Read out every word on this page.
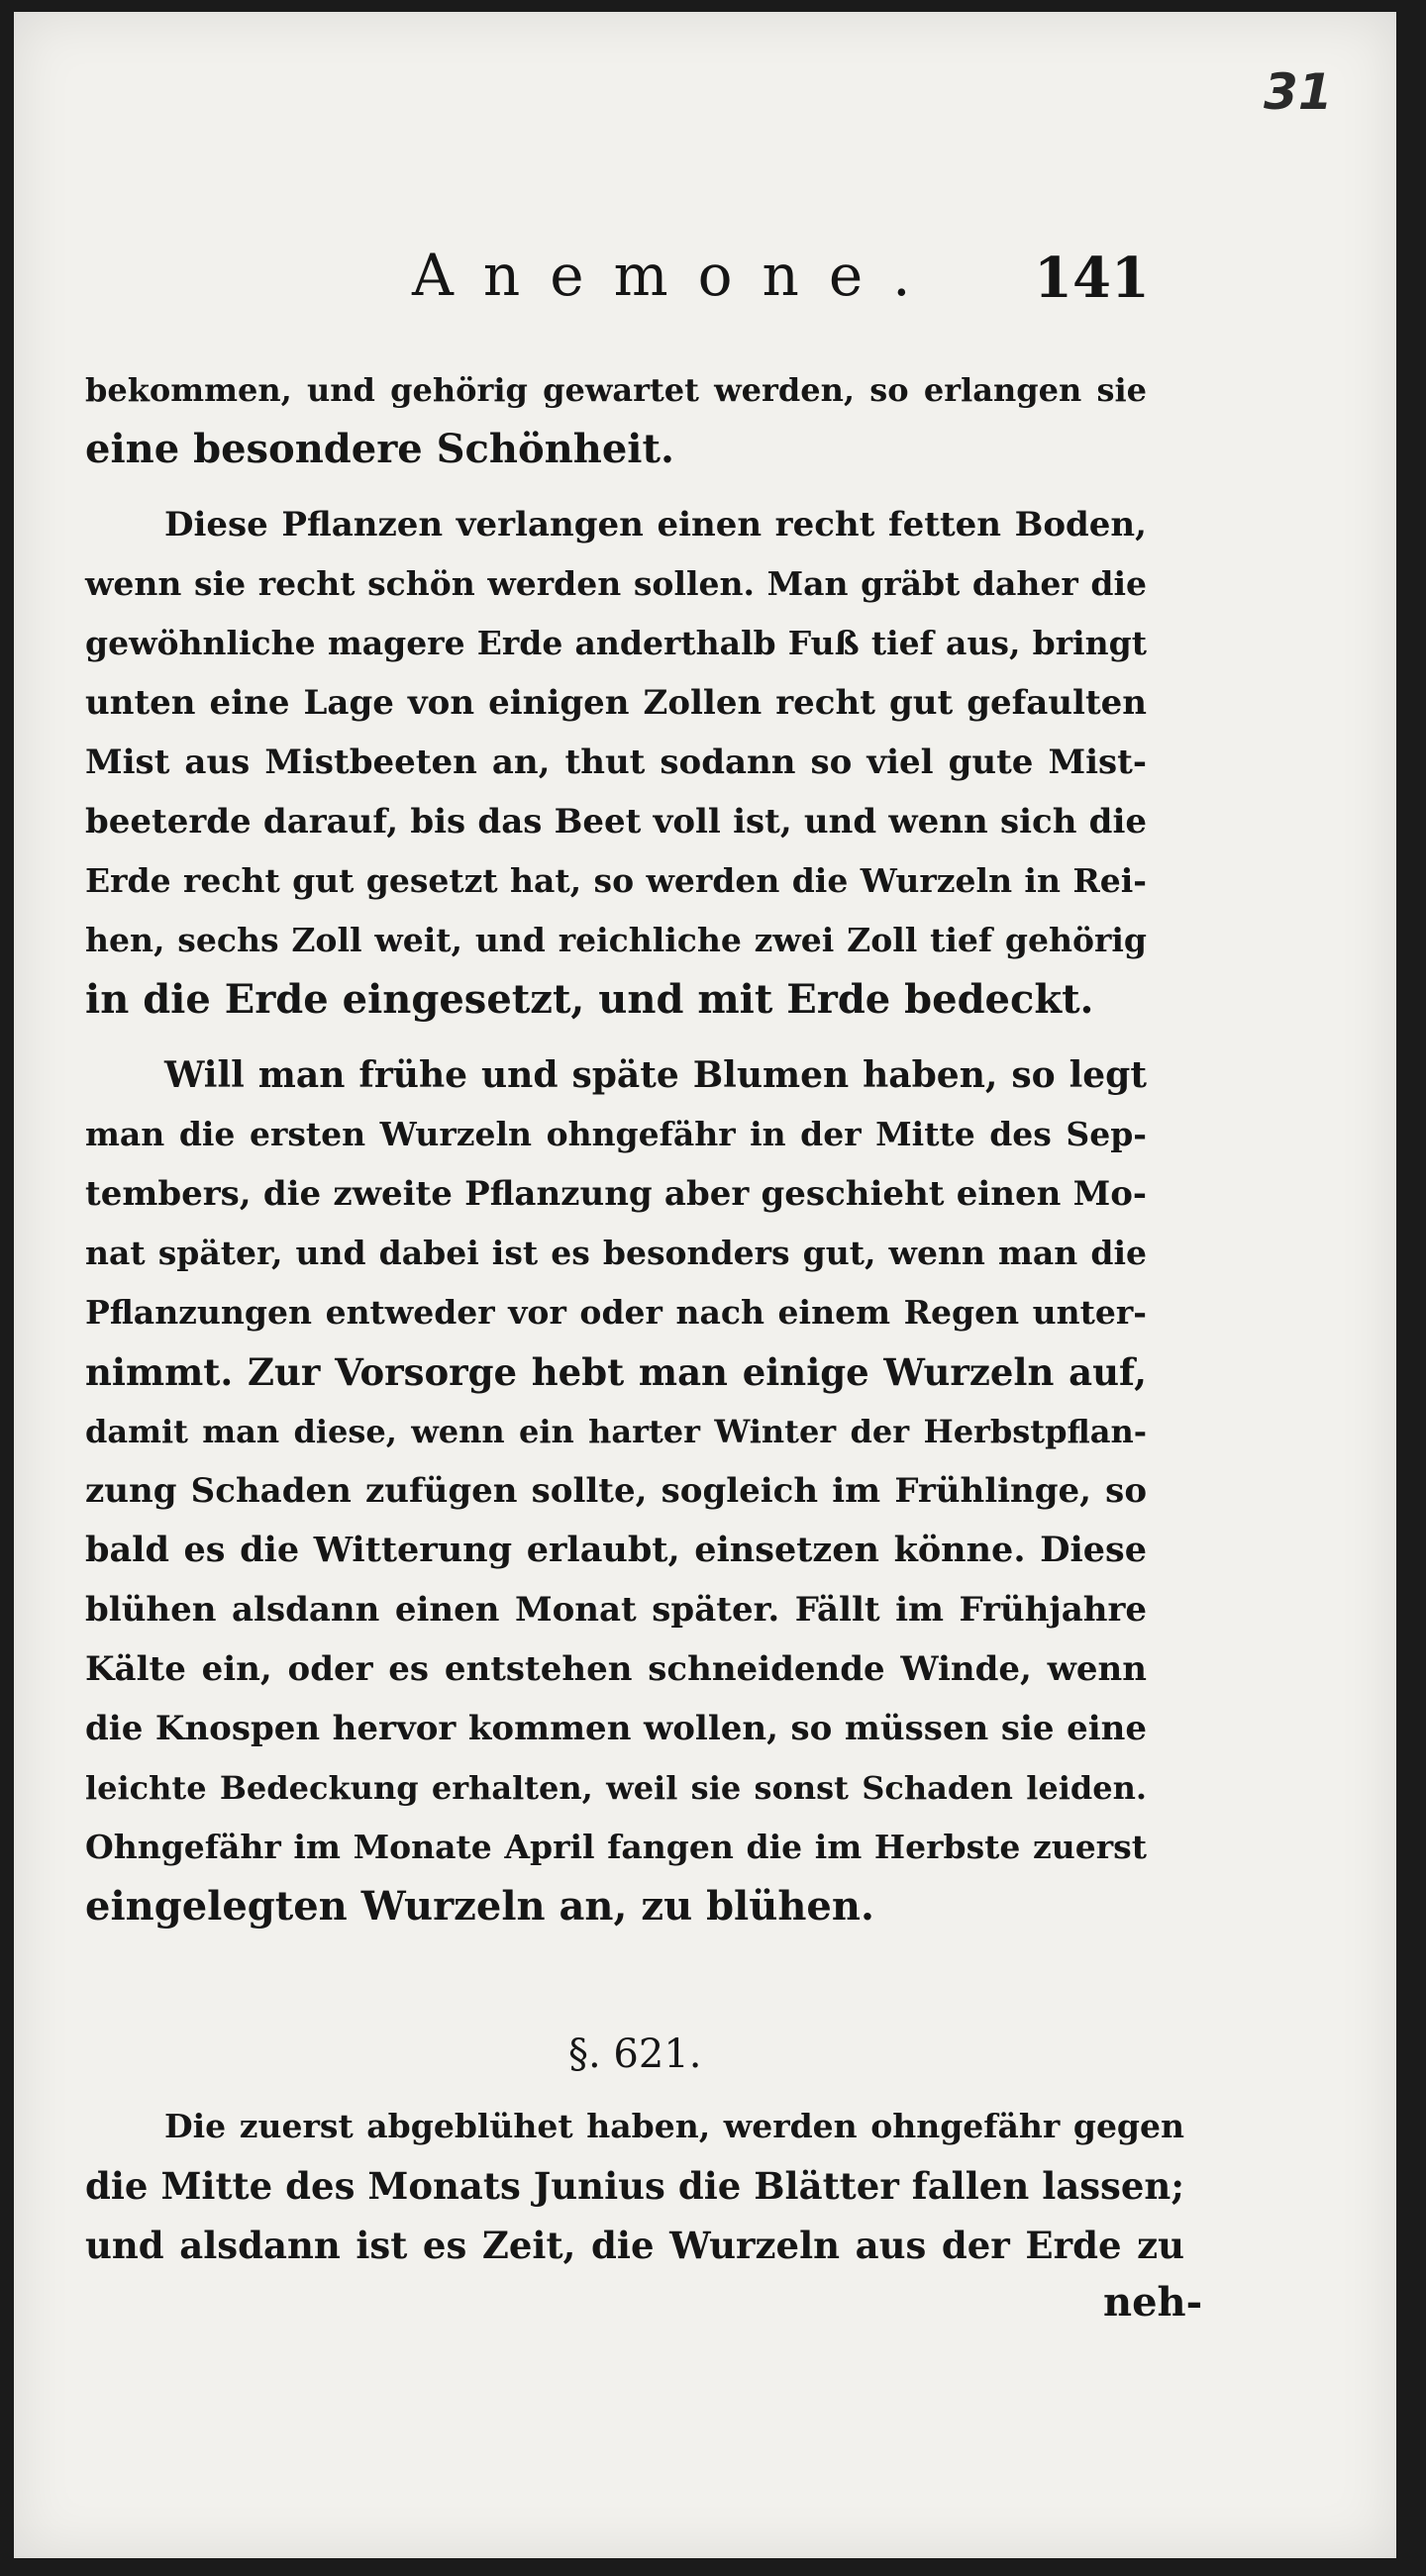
31
Anemone. 141
bekommen, und gehörig gewartet werden, so erlangen sie
eine besondere Schönheit.
Diese Pflanzen verlangen einen recht fetten Boden,
wenn sie recht schön werden sollen. Man gräbt daher die
gewöhnliche magere Erde anderthalb Fuß tief aus, bringt
unten eine Lage von einigen Zollen recht gut gefaulten
Mist aus Mistbeeten an, thut sodann so viel gute Mist-
beeterde darauf, bis das Beet voll ist, und wenn sich die
Erde recht gut gesetzt hat, so werden die Wurzeln in Rei-
hen, sechs Zoll weit, und reichliche zwei Zoll tief gehörig
in die Erde eingesetzt, und mit Erde bedeckt.
Will man frühe und späte Blumen haben, so legt
man die ersten Wurzeln ohngefähr in der Mitte des Sep-
tembers, die zweite Pflanzung aber geschieht einen Mo-
nat später, und dabei ist es besonders gut, wenn man die
Pflanzungen entweder vor oder nach einem Regen unter-
nimmt. Zur Vorsorge hebt man einige Wurzeln auf,
damit man diese, wenn ein harter Winter der Herbstpflan-
zung Schaden zufügen sollte, sogleich im Frühlinge, so
bald es die Witterung erlaubt, einsetzen könne. Diese
blühen alsdann einen Monat später. Fällt im Frühjahre
Kälte ein, oder es entstehen schneidende Winde, wenn
die Knospen hervor kommen wollen, so müssen sie eine
leichte Bedeckung erhalten, weil sie sonst Schaden leiden.
Ohngefähr im Monate April fangen die im Herbste zuerst
eingelegten Wurzeln an, zu blühen.
§. 621.
Die zuerst abgeblühet haben, werden ohngefähr gegen
die Mitte des Monats Junius die Blätter fallen lassen;
und alsdann ist es Zeit, die Wurzeln aus der Erde zu
neh-
